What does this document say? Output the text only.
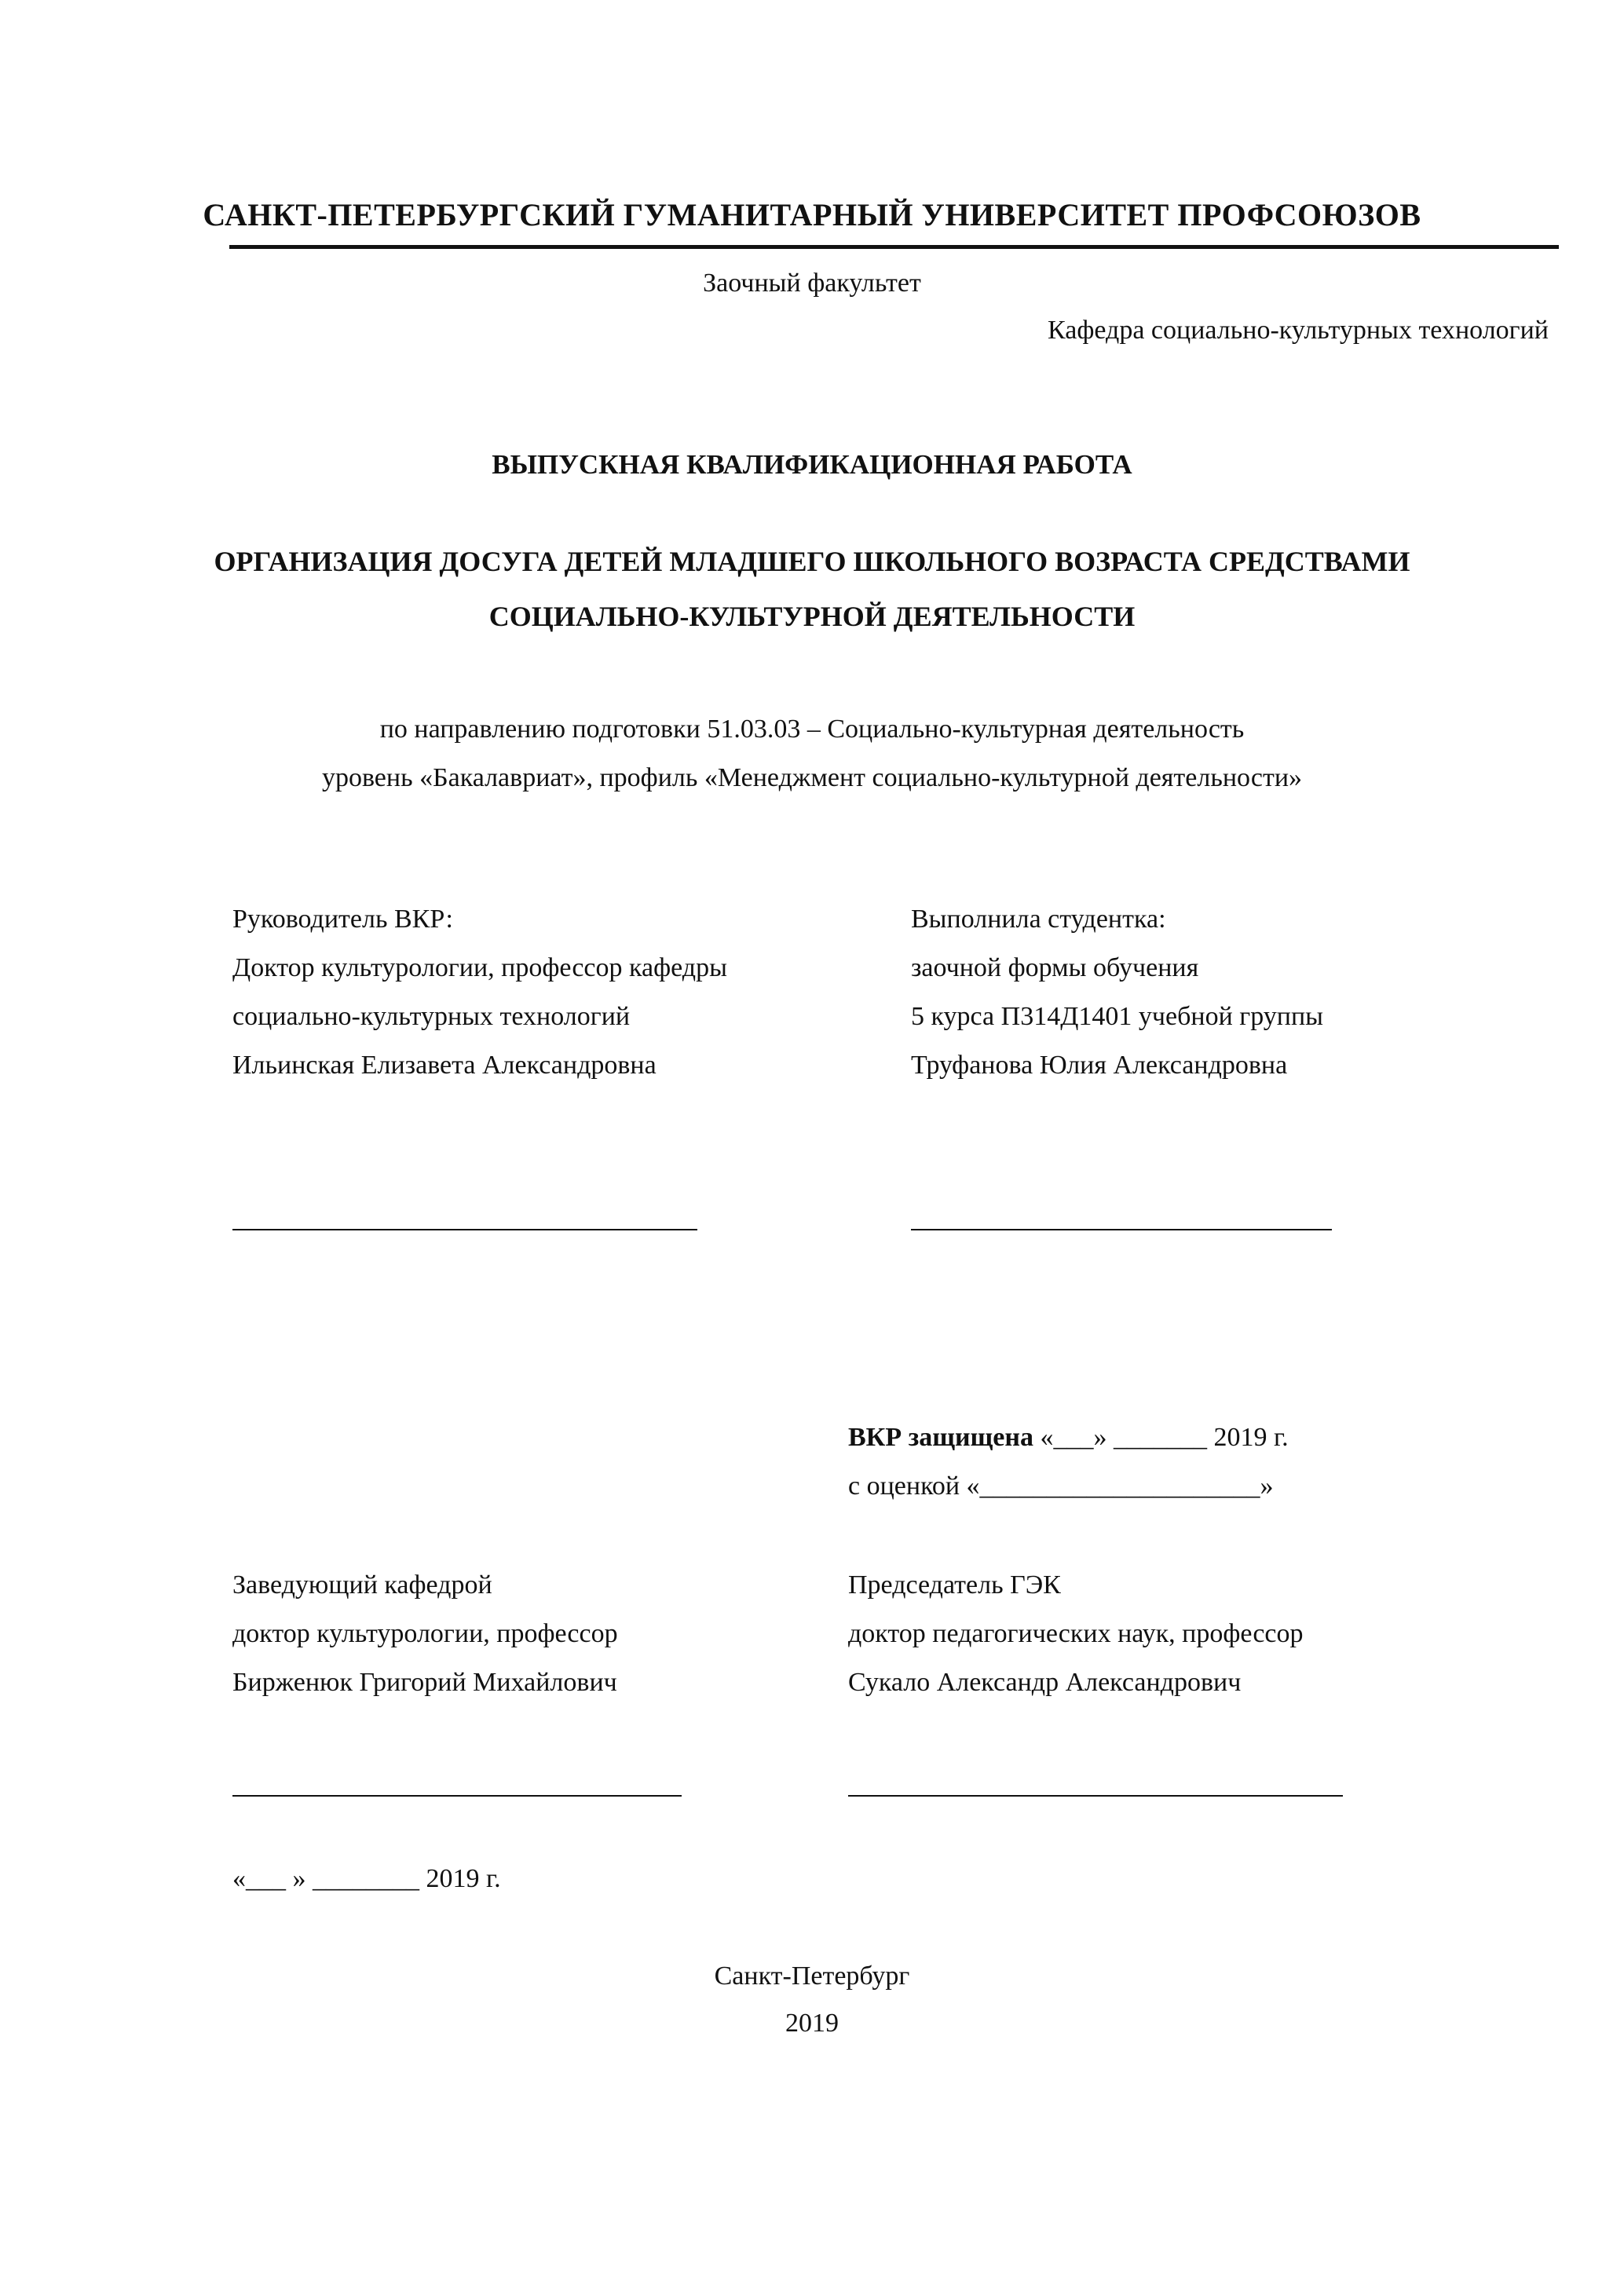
САНКТ-ПЕТЕРБУРГСКИЙ ГУМАНИТАРНЫЙ УНИВЕРСИТЕТ ПРОФСОЮЗОВ
Заочный факультет
Кафедра социально-культурных технологий
ВЫПУСКНАЯ КВАЛИФИКАЦИОННАЯ РАБОТА
ОРГАНИЗАЦИЯ ДОСУГА ДЕТЕЙ МЛАДШЕГО ШКОЛЬНОГО ВОЗРАСТА СРЕДСТВАМИ
СОЦИАЛЬНО-КУЛЬТУРНОЙ ДЕЯТЕЛЬНОСТИ
по направлению подготовки 51.03.03 – Социально-культурная деятельность
уровень «Бакалавриат», профиль «Менеджмент социально-культурной деятельности»
Руководитель ВКР:
Доктор культурологии, профессор кафедры
социально-культурных технологий
Ильинская Елизавета Александровна
Выполнила студентка:
заочной формы обучения
5 курса П314Д1401 учебной группы
Труфанова Юлия Александровна
ВКР защищена «___» _______ 2019 г.
с оценкой «_____________________»
Заведующий кафедрой
доктор культурологии, профессор
Бирженюк Григорий Михайлович
Председатель ГЭК
доктор педагогических наук, профессор
Сукало Александр Александрович
«___ » ________ 2019 г.
Санкт-Петербург
2019
